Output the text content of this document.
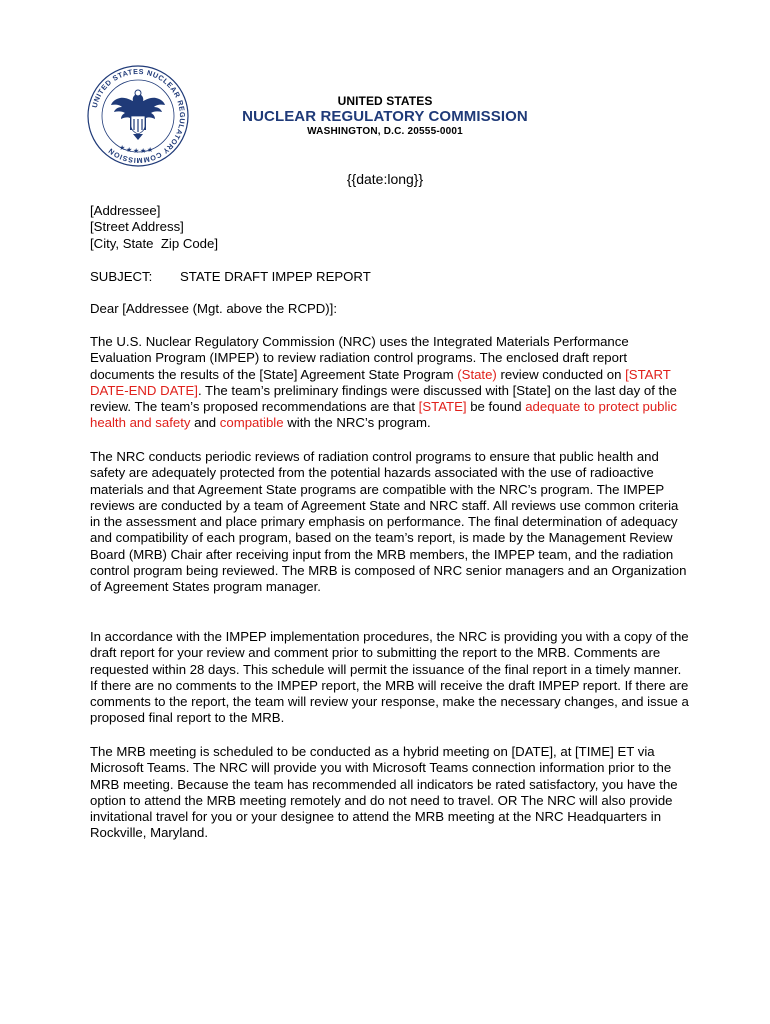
UNITED STATES NUCLEAR REGULATORY COMMISSION ★ ★ ★ ★ ★
UNITED STATES
NUCLEAR REGULATORY COMMISSION
WASHINGTON, D.C. 20555-0001
{{date:long}}
[Addressee]
[Street Address]
[City, State  Zip Code]
SUBJECT: STATE DRAFT IMPEP REPORT
Dear [Addressee (Mgt. above the RCPD)]:
The U.S. Nuclear Regulatory Commission (NRC) uses the Integrated Materials Performance Evaluation Program (IMPEP) to review radiation control programs. The enclosed draft report documents the results of the [State] Agreement State Program (State) review conducted on [START DATE-END DATE]. The team’s preliminary findings were discussed with [State] on the last day of the review. The team’s proposed recommendations are that [STATE] be found adequate to protect public health and safety and compatible with the NRC’s program.
The NRC conducts periodic reviews of radiation control programs to ensure that public health and safety are adequately protected from the potential hazards associated with the use of radioactive materials and that Agreement State programs are compatible with the NRC’s program. The IMPEP reviews are conducted by a team of Agreement State and NRC staff. All reviews use common criteria in the assessment and place primary emphasis on performance. The final determination of adequacy and compatibility of each program, based on the team’s report, is made by the Management Review Board (MRB) Chair after receiving input from the MRB members, the IMPEP team, and the radiation control program being reviewed. The MRB is composed of NRC senior managers and an Organization of Agreement States program manager.
In accordance with the IMPEP implementation procedures, the NRC is providing you with a copy of the draft report for your review and comment prior to submitting the report to the MRB. Comments are requested within 28 days. This schedule will permit the issuance of the final report in a timely manner. If there are no comments to the IMPEP report, the MRB will receive the draft IMPEP report. If there are comments to the report, the team will review your response, make the necessary changes, and issue a proposed final report to the MRB.
The MRB meeting is scheduled to be conducted as a hybrid meeting on [DATE], at [TIME] ET via Microsoft Teams. The NRC will provide you with Microsoft Teams connection information prior to the MRB meeting. Because the team has recommended all indicators be rated satisfactory, you have the option to attend the MRB meeting remotely and do not need to travel. OR The NRC will also provide invitational travel for you or your designee to attend the MRB meeting at the NRC Headquarters in Rockville, Maryland.
